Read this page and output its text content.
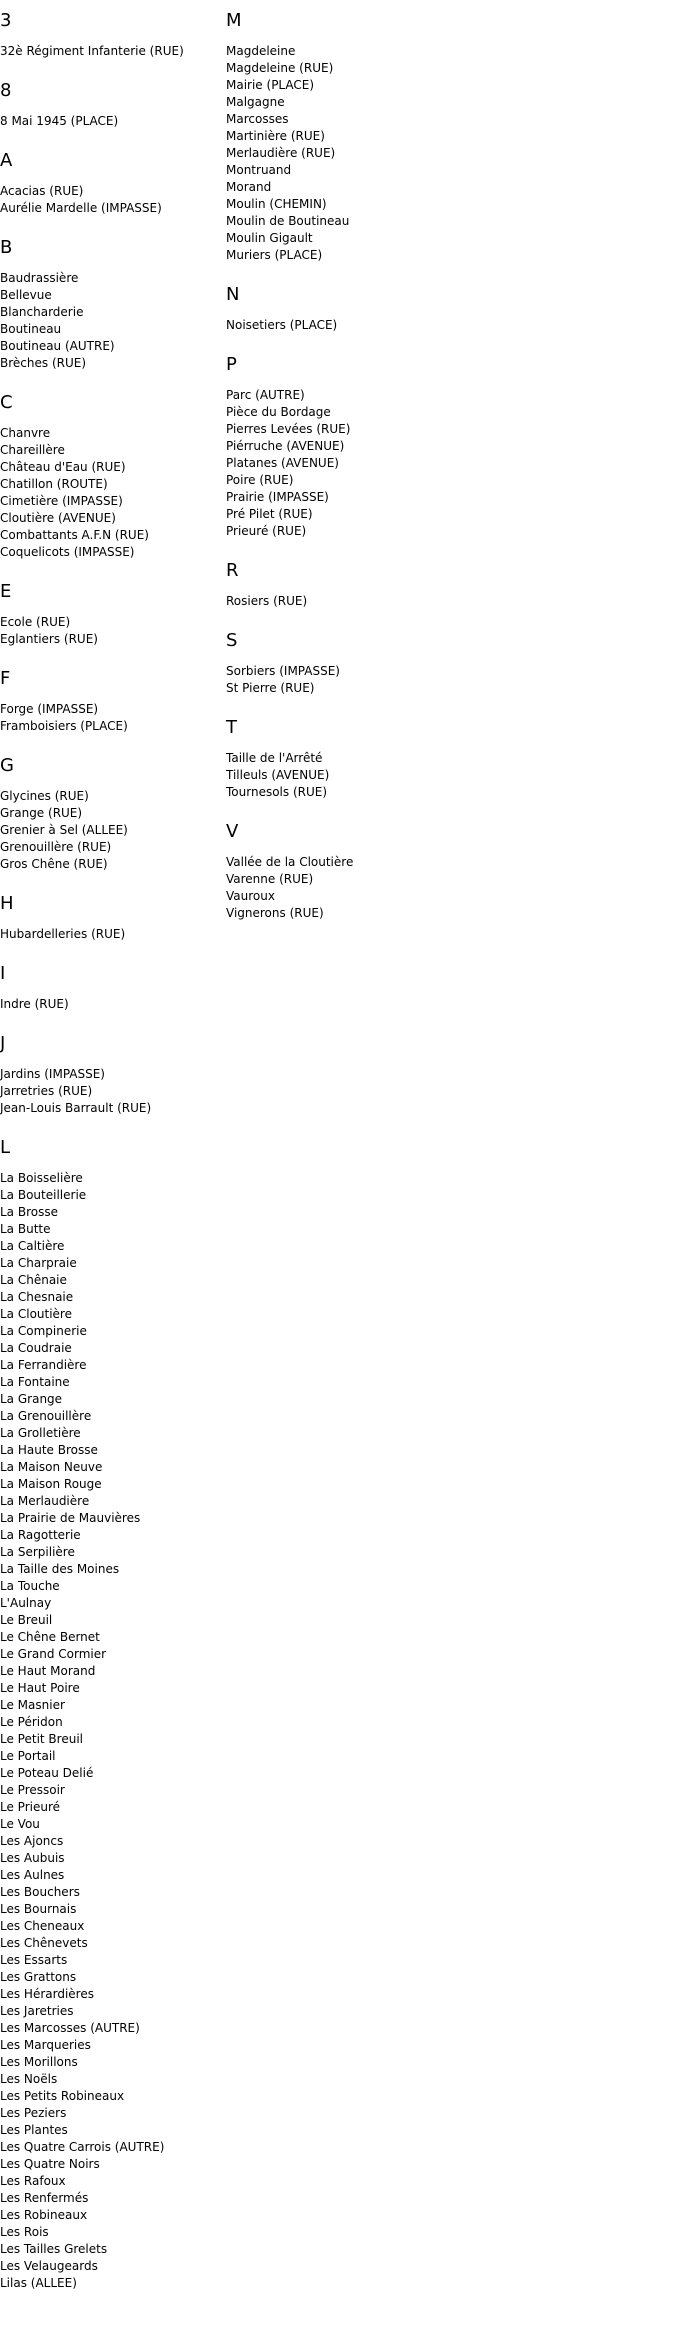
3
32è Régiment Infanterie (RUE)
8
8 Mai 1945 (PLACE)
A
Acacias (RUE)
Aurélie Mardelle (IMPASSE)
B
Baudrassière
Bellevue
Blancharderie
Boutineau
Boutineau (AUTRE)
Brèches (RUE)
C
Chanvre
Chareillère
Château d'Eau (RUE)
Chatillon (ROUTE)
Cimetière (IMPASSE)
Cloutière (AVENUE)
Combattants A.F.N (RUE)
Coquelicots (IMPASSE)
E
Ecole (RUE)
Eglantiers (RUE)
F
Forge (IMPASSE)
Framboisiers (PLACE)
G
Glycines (RUE)
Grange (RUE)
Grenier à Sel (ALLEE)
Grenouillère (RUE)
Gros Chêne (RUE)
H
Hubardelleries (RUE)
I
Indre (RUE)
J
Jardins (IMPASSE)
Jarretries (RUE)
Jean-Louis Barrault (RUE)
L
La Boisselière
La Bouteillerie
La Brosse
La Butte
La Caltière
La Charpraie
La Chênaie
La Chesnaie
La Cloutière
La Compinerie
La Coudraie
La Ferrandière
La Fontaine
La Grange
La Grenouillère
La Grolletière
La Haute Brosse
La Maison Neuve
La Maison Rouge
La Merlaudière
La Prairie de Mauvières
La Ragotterie
La Serpilière
La Taille des Moines
La Touche
L'Aulnay
Le Breuil
Le Chêne Bernet
Le Grand Cormier
Le Haut Morand
Le Haut Poire
Le Masnier
Le Péridon
Le Petit Breuil
Le Portail
Le Poteau Delié
Le Pressoir
Le Prieuré
Le Vou
Les Ajoncs
Les Aubuis
Les Aulnes
Les Bouchers
Les Bournais
Les Cheneaux
Les Chênevets
Les Essarts
Les Grattons
Les Hérardières
Les Jaretries
Les Marcosses (AUTRE)
Les Marqueries
Les Morillons
Les Noëls
Les Petits Robineaux
Les Peziers
Les Plantes
Les Quatre Carrois (AUTRE)
Les Quatre Noirs
Les Rafoux
Les Renfermés
Les Robineaux
Les Rois
Les Tailles Grelets
Les Velaugeards
Lilas (ALLEE)
M
Magdeleine
Magdeleine (RUE)
Mairie (PLACE)
Malgagne
Marcosses
Martinière (RUE)
Merlaudière (RUE)
Montruand
Morand
Moulin (CHEMIN)
Moulin de Boutineau
Moulin Gigault
Muriers (PLACE)
N
Noisetiers (PLACE)
P
Parc (AUTRE)
Pièce du Bordage
Pierres Levées (RUE)
Piérruche (AVENUE)
Platanes (AVENUE)
Poire (RUE)
Prairie (IMPASSE)
Pré Pilet (RUE)
Prieuré (RUE)
R
Rosiers (RUE)
S
Sorbiers (IMPASSE)
St Pierre (RUE)
T
Taille de l'Arrêté
Tilleuls (AVENUE)
Tournesols (RUE)
V
Vallée de la Cloutière
Varenne (RUE)
Vauroux
Vignerons (RUE)
